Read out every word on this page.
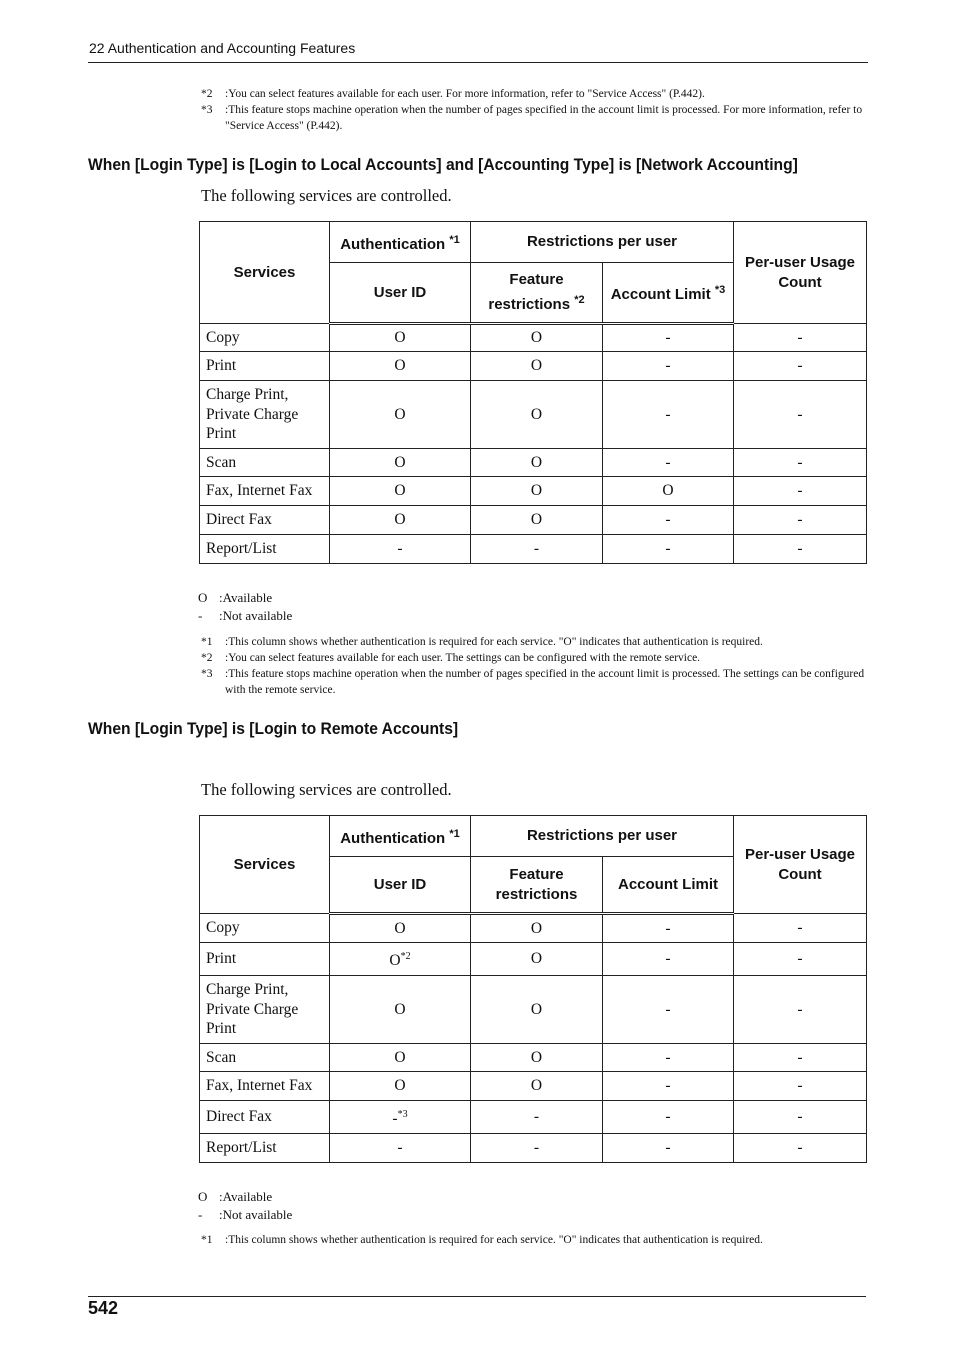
22 Authentication and Accounting Features
*2	:You can select features available for each user. For more information, refer to "Service Access" (P.442).
*3	:This feature stops machine operation when the number of pages specified in the account limit is processed. For more information, refer to "Service Access" (P.442).
When [Login Type] is [Login to Local Accounts] and [Accounting Type] is [Network Accounting]
The following services are controlled.
Services	Authentication $^{*1}$	Restrictions per user		Per-user Usage Count
	User ID	Feature restrictions $^{*2}$	Account Limit $^{*3}$
Copy	O	O	-	-
Print	O	O	-	-
Charge Print, Private Charge Print	O	O	-	-
Scan	O	O	-	-
Fax, Internet Fax	O	O	O	-
Direct Fax	O	O	-	-
Report/List	-	-	-	-
O :Available
- :Not available
*1	:This column shows whether authentication is required for each service. "O" indicates that authentication is required.
*2	:You can select features available for each user. The settings can be configured with the remote service.
*3	:This feature stops machine operation when the number of pages specified in the account limit is processed. The settings can be configured with the remote service.
When [Login Type] is [Login to Remote Accounts]
The following services are controlled.
Services	Authentication $^{*1}$	Restrictions per user		Per-user Usage Count
	User ID	Feature restrictions	Account Limit	
Copy	O	O	-	-
Print	$O^{*2}$	O	-	-
Charge Print, Private Charge Print	O	O	-	-
Scan	O	O	-	-
Fax, Internet Fax	O	O	-	-
Direct Fax	-$^{*3}$	-	-	-
Report/List	-	-	-	-
O :Available
- :Not available
*1	:This column shows whether authentication is required for each service. "O" indicates that authentication is required.
542
